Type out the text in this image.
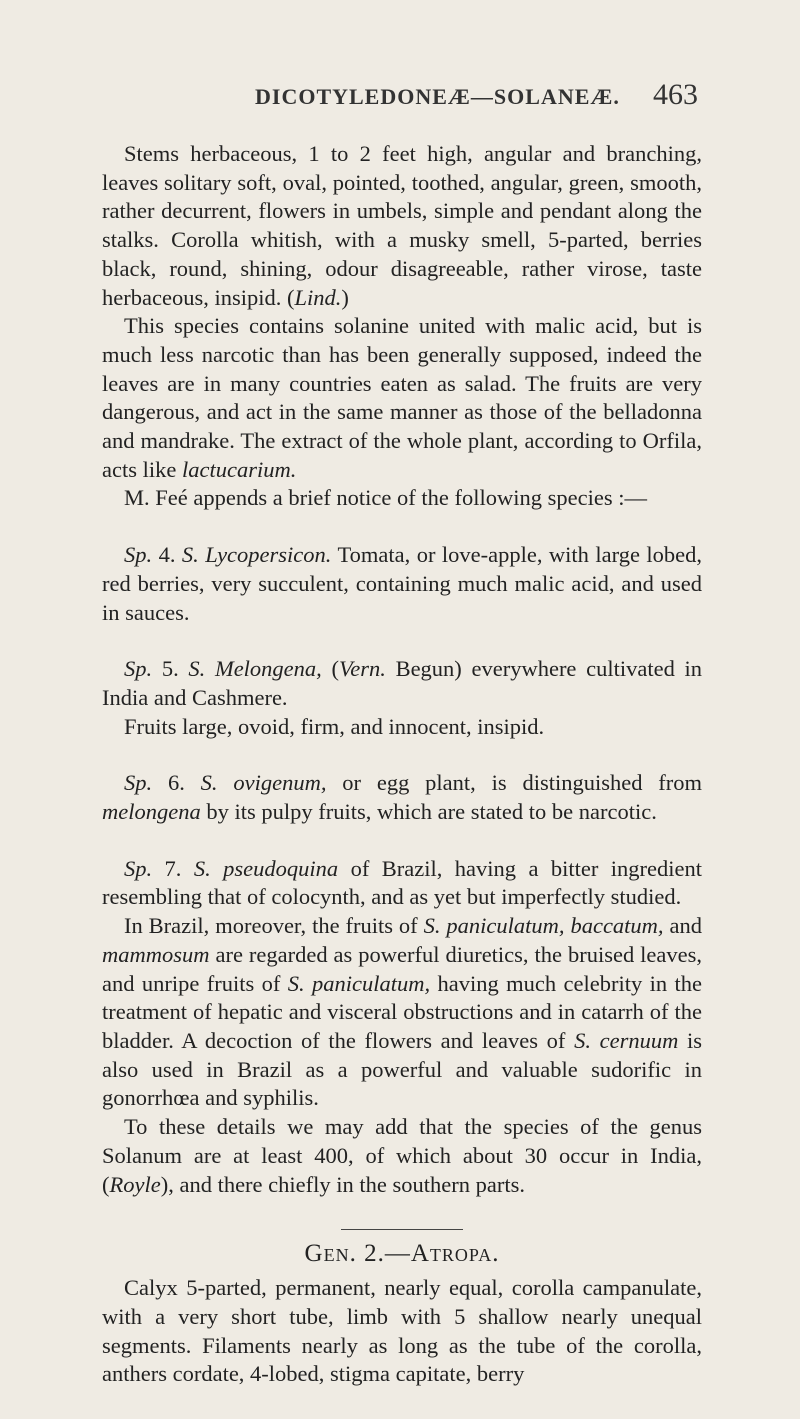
DICOTYLEDONEÆ—SOLANEÆ. 463

Stems herbaceous, 1 to 2 feet high, angular and branching, leaves solitary soft, oval, pointed, toothed, angular, green, smooth, rather decurrent, flowers in umbels, simple and pendant along the stalks. Corolla whitish, with a musky smell, 5-parted, berries black, round, shining, odour disagreeable, rather virose, taste herbaceous, insipid. (Lind.)

This species contains solanine united with malic acid, but is much less narcotic than has been generally supposed, indeed the leaves are in many countries eaten as salad. The fruits are very dangerous, and act in the same manner as those of the belladonna and mandrake. The extract of the whole plant, according to Orfila, acts like lactucarium.

M. Feé appends a brief notice of the following species :—

Sp. 4. S. Lycopersicon. Tomata, or love-apple, with large lobed, red berries, very succulent, containing much malic acid, and used in sauces.

Sp. 5. S. Melongena, (Vern. Begun) everywhere cultivated in India and Cashmere.

Fruits large, ovoid, firm, and innocent, insipid.

Sp. 6. S. ovigenum, or egg plant, is distinguished from melongena by its pulpy fruits, which are stated to be narcotic.

Sp. 7. S. pseudoquina of Brazil, having a bitter ingredient resembling that of colocynth, and as yet but imperfectly studied.

In Brazil, moreover, the fruits of S. paniculatum, baccatum, and mammosum are regarded as powerful diuretics, the bruised leaves, and unripe fruits of S. paniculatum, having much celebrity in the treatment of hepatic and visceral obstructions and in catarrh of the bladder. A decoction of the flowers and leaves of S. cernuum is also used in Brazil as a powerful and valuable sudorific in gonorrhœa and syphilis.

To these details we may add that the species of the genus Solanum are at least 400, of which about 30 occur in India, (Royle), and there chiefly in the southern parts.

Gen. 2.—Atropa.

Calyx 5-parted, permanent, nearly equal, corolla campanulate, with a very short tube, limb with 5 shallow nearly unequal segments. Filaments nearly as long as the tube of the corolla, anthers cordate, 4-lobed, stigma capitate, berry
